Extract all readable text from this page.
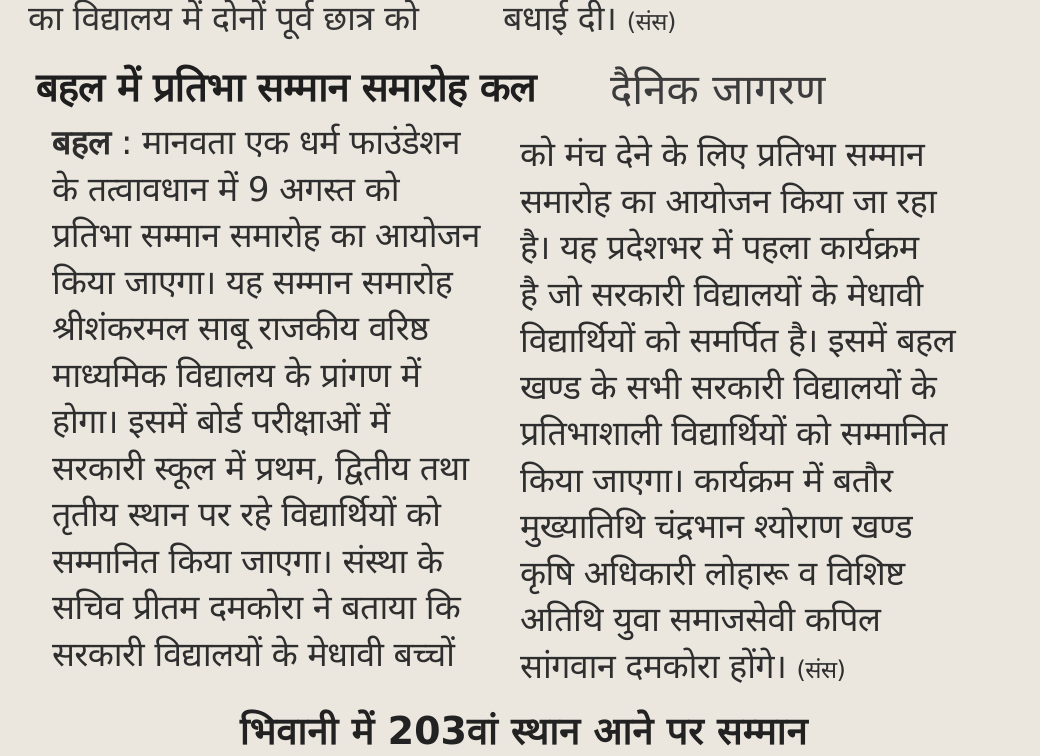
का विद्यालय में दोनों पूर्व छात्र को बधाई दी। (संस)
बहल में प्रतिभा सम्मान समारोह कल दैनिक जागरण
बहल : मानवता एक धर्म फाउंडेशन
के तत्वावधान में 9 अगस्त को
प्रतिभा सम्मान समारोह का आयोजन
किया जाएगा। यह सम्मान समारोह
श्रीशंकरमल साबू राजकीय वरिष्ठ
माध्यमिक विद्यालय के प्रांगण में
होगा। इसमें बोर्ड परीक्षाओं में
सरकारी स्कूल में प्रथम, द्वितीय तथा
तृतीय स्थान पर रहे विद्यार्थियों को
सम्मानित किया जाएगा। संस्था के
सचिव प्रीतम दमकोरा ने बताया कि
सरकारी विद्यालयों के मेधावी बच्चों
को मंच देने के लिए प्रतिभा सम्मान
समारोह का आयोजन किया जा रहा
है। यह प्रदेशभर में पहला कार्यक्रम
है जो सरकारी विद्यालयों के मेधावी
विद्यार्थियों को समर्पित है। इसमें बहल
खण्ड के सभी सरकारी विद्यालयों के
प्रतिभाशाली विद्यार्थियों को सम्मानित
किया जाएगा। कार्यक्रम में बतौर
मुख्यातिथि चंद्रभान श्योराण खण्ड
कृषि अधिकारी लोहारू व विशिष्ट
अतिथि युवा समाजसेवी कपिल
सांगवान दमकोरा होंगे। (संस)
भिवानी में 203वां स्थान आने पर सम्मान
